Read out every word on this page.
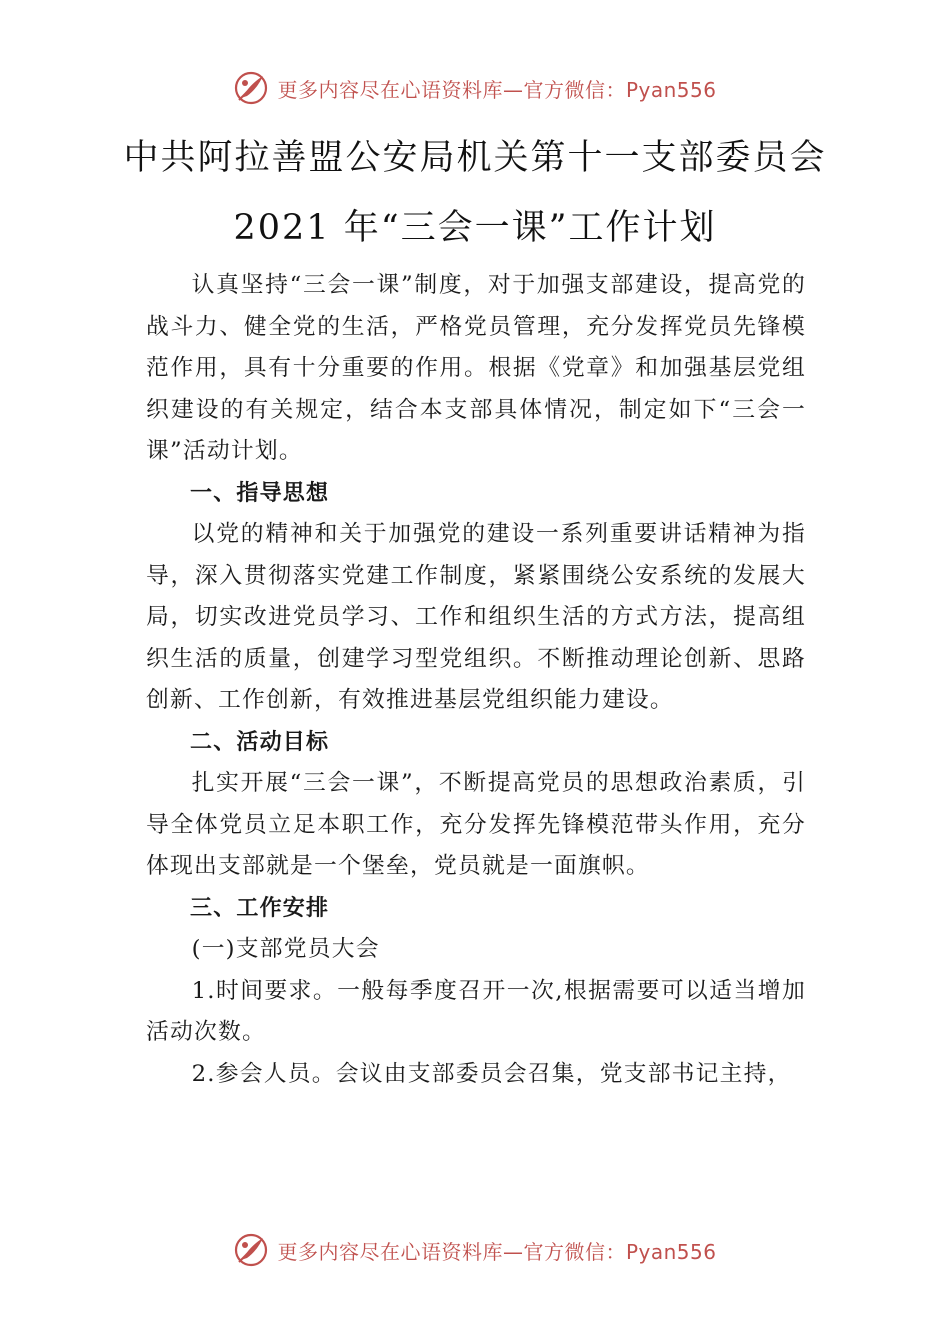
更多内容尽在心语资料库—官方微信：Pyan556
中共阿拉善盟公安局机关第十一支部委员会
2021 年“三会一课”工作计划

认真坚持“三会一课”制度，对于加强支部建设，提高党的战斗力、健全党的生活，严格党员管理，充分发挥党员先锋模范作用，具有十分重要的作用。根据《党章》和加强基层党组织建设的有关规定，结合本支部具体情况，制定如下“三会一课”活动计划。

一、指导思想

以党的精神和关于加强党的建设一系列重要讲话精神为指导，深入贯彻落实党建工作制度，紧紧围绕公安系统的发展大局，切实改进党员学习、工作和组织生活的方式方法，提高组织生活的质量，创建学习型党组织。不断推动理论创新、思路创新、工作创新，有效推进基层党组织能力建设。

二、活动目标

扎实开展“三会一课”，不断提高党员的思想政治素质，引导全体党员立足本职工作，充分发挥先锋模范带头作用，充分体现出支部就是一个堡垒，党员就是一面旗帜。

三、工作安排

(一)支部党员大会

1.时间要求。一般每季度召开一次,根据需要可以适当增加活动次数。

2.参会人员。会议由支部委员会召集，党支部书记主持，

更多内容尽在心语资料库—官方微信：Pyan556
